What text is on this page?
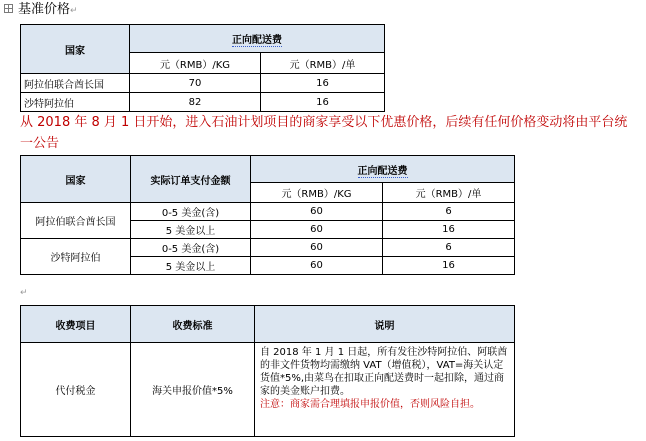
基准价格↵
国家	正向配送费	
	元（RMB）/KG	元（RMB）/单
阿拉伯联合酋长国	70	16
沙特阿拉伯	82	16
从 2018 年 8 月 1 日开始，进入石油计划项目的商家享受以下优惠价格，后续有任何价格变动将由平台统一公告
国家	实际订单支付金额	正向配送费	
		元（RMB）/KG	元（RMB）/单
阿拉伯联合酋长国	0-5 美金(含)	60	6
	5 美金以上	60	16
沙特阿拉伯	0-5 美金(含)	60	6
	5 美金以上	60	16
↵
收费项目	收费标准	说明
代付税金	海关申报价值*5%	自 2018 年 1 月 1 日起，所有发往沙特阿拉伯、阿联酋的非文件货物均需缴纳 VAT（增值税），VAT=海关认定货值*5%,由菜鸟在扣取正向配送费时一起扣除，通过商家的美金账户扣费。
注意：商家需合理填报申报价值，否则风险自担。
